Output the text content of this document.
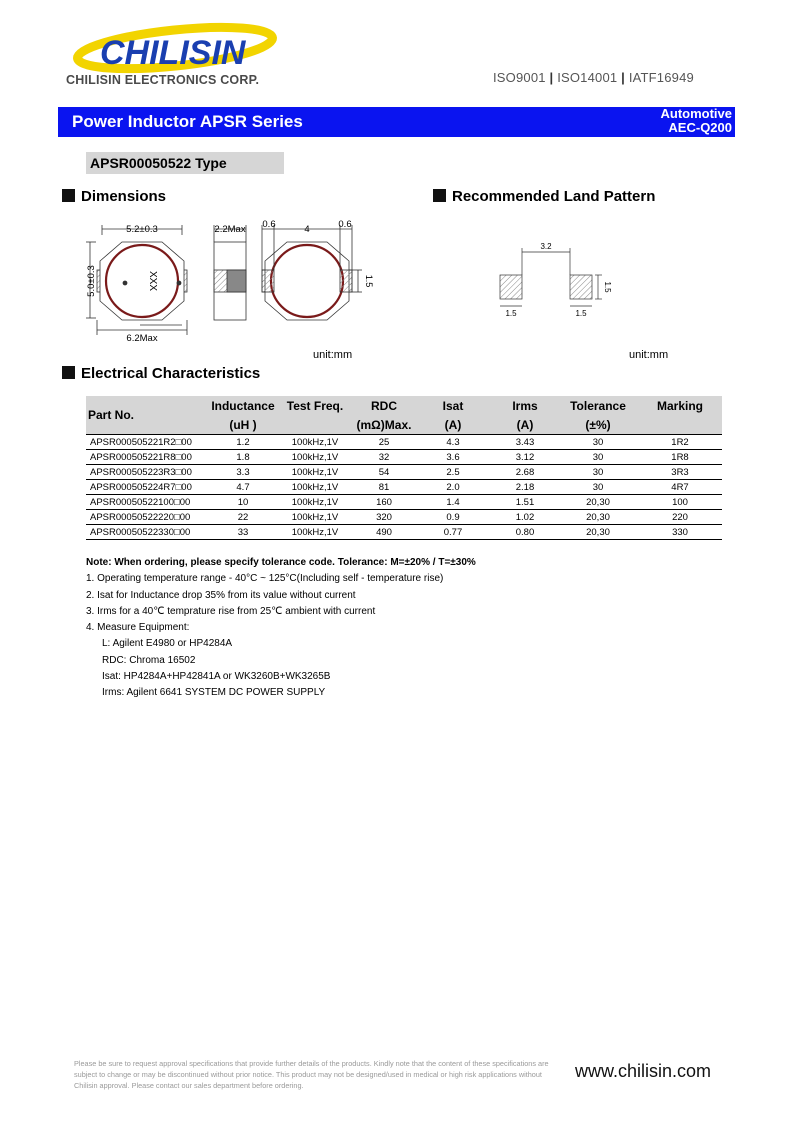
CHILISIN
CHILISIN ELECTRONICS CORP.	ISO9001 | ISO14001 | IATF16949
Power Inductor APSR Series	Automotive
AEC-Q200
APSR00050522 Type
Dimensions	Recommended Land Pattern
XXX
5.2±0.3
6.2Max
5.0±0.3
2.2Max 0.6	4	0.6
1.5
unit:mm
3.2
1.5
1.5	1.5
unit:mm
Electrical Characteristics
Part No.	Inductance	Test Freq.	RDC	Isat	Irms	Tolerance	Marking
	(uH )		(mΩ)Max.	(A)	(A)	(±%)	
APSR000505221R2□00	1.2	100kHz,1V	25	4.3	3.43	30	1R2
APSR000505221R8□00	1.8	100kHz,1V	32	3.6	3.12	30	1R8
APSR000505223R3□00	3.3	100kHz,1V	54	2.5	2.68	30	3R3
APSR000505224R7□00	4.7	100kHz,1V	81	2.0	2.18	30	4R7
APSR00050522100□00	10	100kHz,1V	160	1.4	1.51	20,30	100
APSR00050522220□00	22	100kHz,1V	320	0.9	1.02	20,30	220
APSR00050522330□00	33	100kHz,1V	490	0.77	0.80	20,30	330
Note: When ordering, please specify tolerance code. Tolerance: M=±20% / T=±30%
1. Operating temperature range - 40°C ~ 125°C(Including self - temperature rise)
2. Isat for Inductance drop 35% from its value without current
3. Irms for a 40℃ temprature rise from 25℃ ambient with current
4. Measure Equipment:
L: Agilent E4980 or HP4284A
RDC: Chroma 16502
Isat: HP4284A+HP42841A or WK3260B+WK3265B
Irms: Agilent 6641 SYSTEM DC POWER SUPPLY
Please be sure to request approval specifications that provide further details of the products. Kindly note that the content of these specifications are subject to change or may be discontinued without prior notice. This product may not be designed/used in medical or high risk applications without Chilisin approval. Please contact our sales department before ordering.
www.chilisin.com
